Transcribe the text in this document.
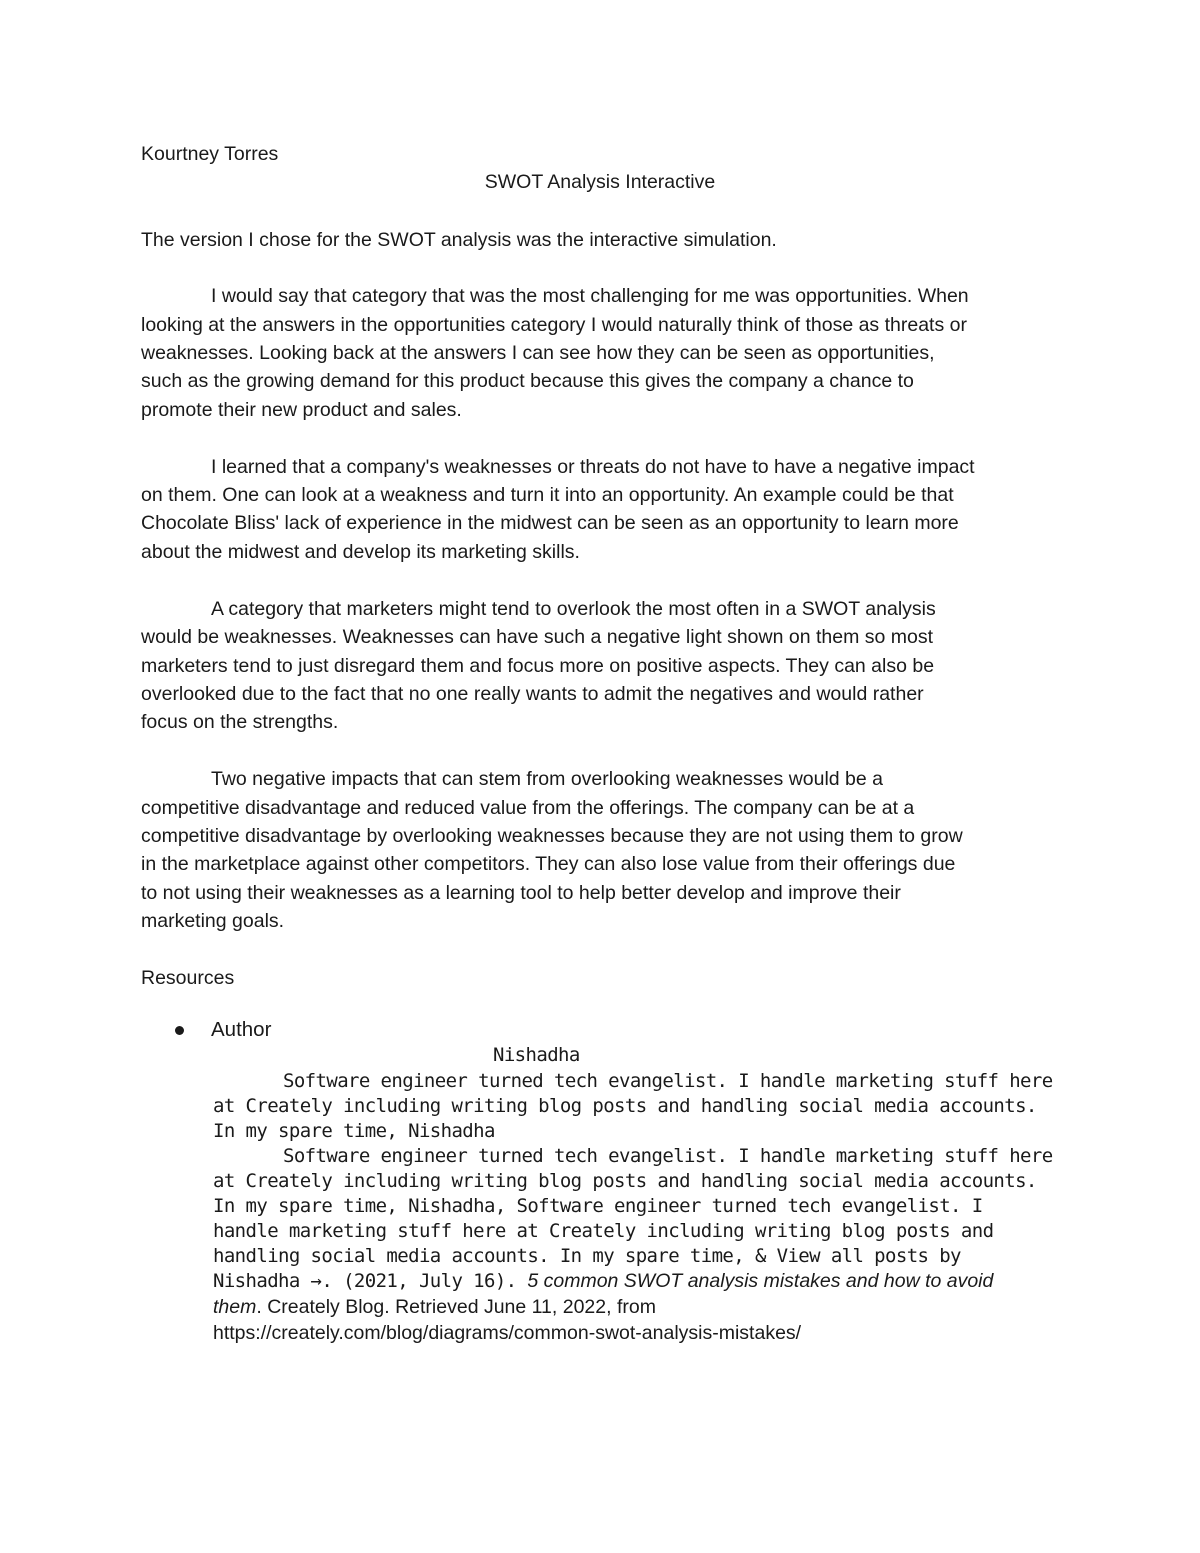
Kourtney Torres
SWOT Analysis Interactive
The version I chose for the SWOT analysis was the interactive simulation.
I would say that category that was the most challenging for me was opportunities. When
looking at the answers in the opportunities category I would naturally think of those as threats or
weaknesses. Looking back at the answers I can see how they can be seen as opportunities,
such as the growing demand for this product because this gives the company a chance to
promote their new product and sales.
I learned that a company's weaknesses or threats do not have to have a negative impact
on them. One can look at a weakness and turn it into an opportunity. An example could be that
Chocolate Bliss' lack of experience in the midwest can be seen as an opportunity to learn more
about the midwest and develop its marketing skills.
A category that marketers might tend to overlook the most often in a SWOT analysis
would be weaknesses. Weaknesses can have such a negative light shown on them so most
marketers tend to just disregard them and focus more on positive aspects. They can also be
overlooked due to the fact that no one really wants to admit the negatives and would rather
focus on the strengths.
Two negative impacts that can stem from overlooking weaknesses would be a
competitive disadvantage and reduced value from the offerings. The company can be at a
competitive disadvantage by overlooking weaknesses because they are not using them to grow
in the marketplace against other competitors. They can also lose value from their offerings due
to not using their weaknesses as a learning tool to help better develop and improve their
marketing goals.
Resources
Author
Nishadha
Software engineer turned tech evangelist. I handle marketing stuff here
at Creately including writing blog posts and handling social media accounts.
In my spare time, Nishadha
Software engineer turned tech evangelist. I handle marketing stuff here
at Creately including writing blog posts and handling social media accounts.
In my spare time, Nishadha, Software engineer turned tech evangelist. I
handle marketing stuff here at Creately including writing blog posts and
handling social media accounts. In my spare time, & View all posts by
Nishadha →. (2021, July 16). 5 common SWOT analysis mistakes and how to avoid
them. Creately Blog. Retrieved June 11, 2022, from
https://creately.com/blog/diagrams/common-swot-analysis-mistakes/
